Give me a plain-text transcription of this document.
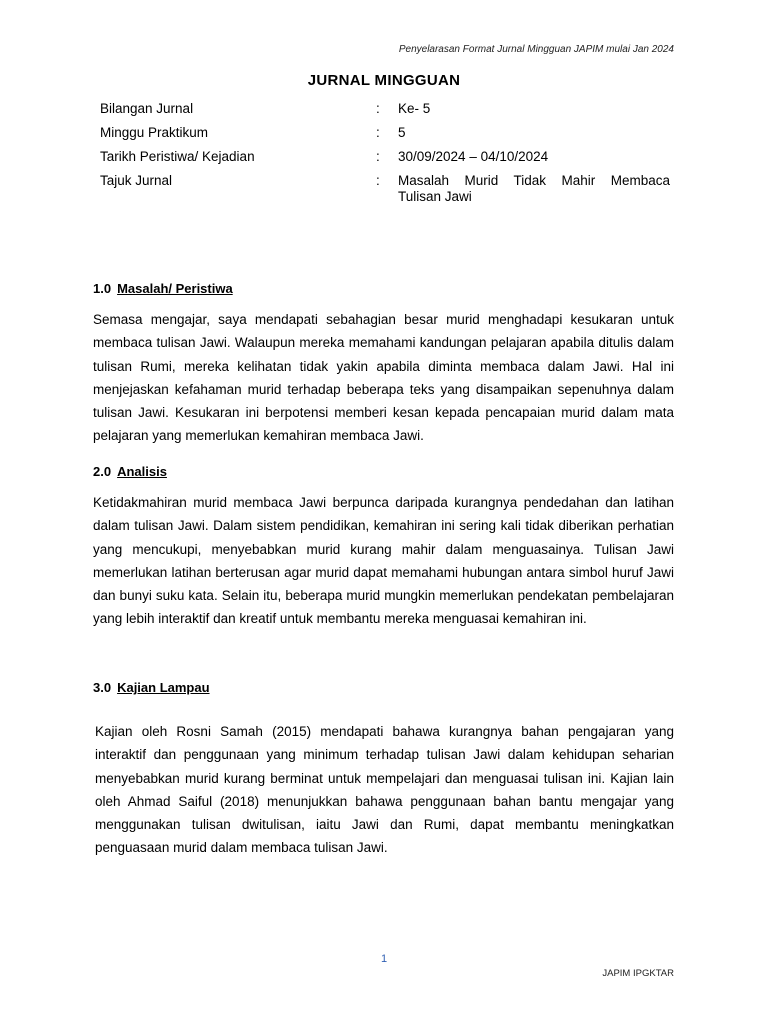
Penyelarasan Format Jurnal Mingguan JAPIM mulai Jan 2024
JURNAL MINGGUAN
Bilangan Jurnal	:	Ke- 5
Minggu Praktikum	:	5
Tarikh Peristiwa/ Kejadian	:	30/09/2024 – 04/10/2024
Tajuk Jurnal	:	Masalah Murid Tidak Mahir Membaca
Tulisan Jawi
1.0 Masalah/ Peristiwa
Semasa mengajar, saya mendapati sebahagian besar murid menghadapi kesukaran untuk membaca tulisan Jawi. Walaupun mereka memahami kandungan pelajaran apabila ditulis dalam tulisan Rumi, mereka kelihatan tidak yakin apabila diminta membaca dalam Jawi. Hal ini menjejaskan kefahaman murid terhadap beberapa teks yang disampaikan sepenuhnya dalam tulisan Jawi. Kesukaran ini berpotensi memberi kesan kepada pencapaian murid dalam mata pelajaran yang memerlukan kemahiran membaca Jawi.
2.0 Analisis
Ketidakmahiran murid membaca Jawi berpunca daripada kurangnya pendedahan dan latihan dalam tulisan Jawi. Dalam sistem pendidikan, kemahiran ini sering kali tidak diberikan perhatian yang mencukupi, menyebabkan murid kurang mahir dalam menguasainya. Tulisan Jawi memerlukan latihan berterusan agar murid dapat memahami hubungan antara simbol huruf Jawi dan bunyi suku kata. Selain itu, beberapa murid mungkin memerlukan pendekatan pembelajaran yang lebih interaktif dan kreatif untuk membantu mereka menguasai kemahiran ini.
3.0 Kajian Lampau
Kajian oleh Rosni Samah (2015) mendapati bahawa kurangnya bahan pengajaran yang interaktif dan penggunaan yang minimum terhadap tulisan Jawi dalam kehidupan seharian menyebabkan murid kurang berminat untuk mempelajari dan menguasai tulisan ini. Kajian lain oleh Ahmad Saiful (2018) menunjukkan bahawa penggunaan bahan bantu mengajar yang menggunakan tulisan dwitulisan, iaitu Jawi dan Rumi, dapat membantu meningkatkan penguasaan murid dalam membaca tulisan Jawi.
1
JAPIM IPGKTAR
